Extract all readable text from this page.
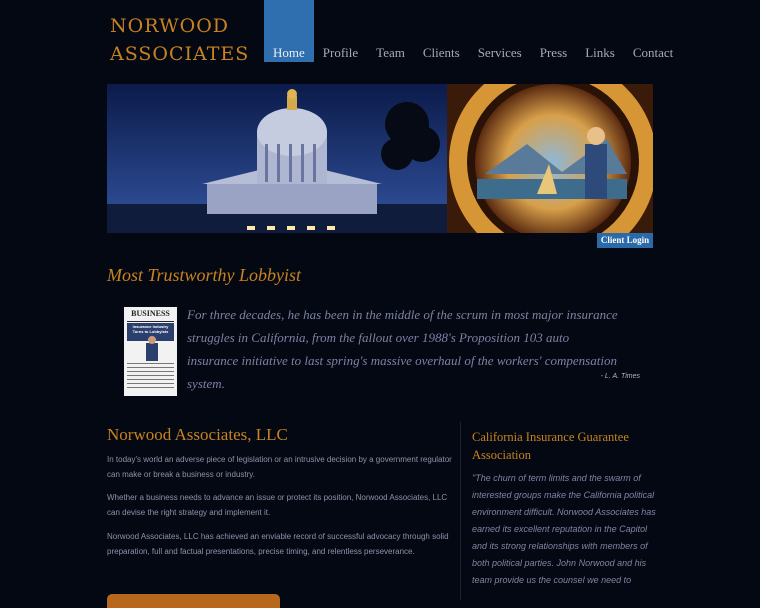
NORWOOD
ASSOCIATES	Home	Profile	Team	Clients	Services	Press	Links	Contact
Client Login
Most Trustworthy Lobbyist
BUSINESS
Insurance Industry Turns to Lobbyists
For three decades, he has been in the middle of the scrum in most major insurance struggles in California, from the fallout over 1988's Proposition 103 auto insurance initiative to last spring's massive overhaul of the workers' compensation system.	- L. A. Times
Norwood Associates, LLC
In today's world an adverse piece of legislation or an intrusive decision by a government regulator can make or break a business or industry.
Whether a business needs to advance an issue or protect its position, Norwood Associates, LLC can devise the right strategy and implement it.
Norwood Associates, LLC has achieved an enviable record of successful advocacy through solid preparation, full and factual presentations, precise timing, and relentless perseverance.
California Insurance Guarantee Association
"The churn of term limits and the swarm of interested groups make the California political environment difficult. Norwood Associates has earned its excellent reputation in the Capitol and its strong relationships with members of both political parties. John Norwood and his team provide us the counsel we need to
